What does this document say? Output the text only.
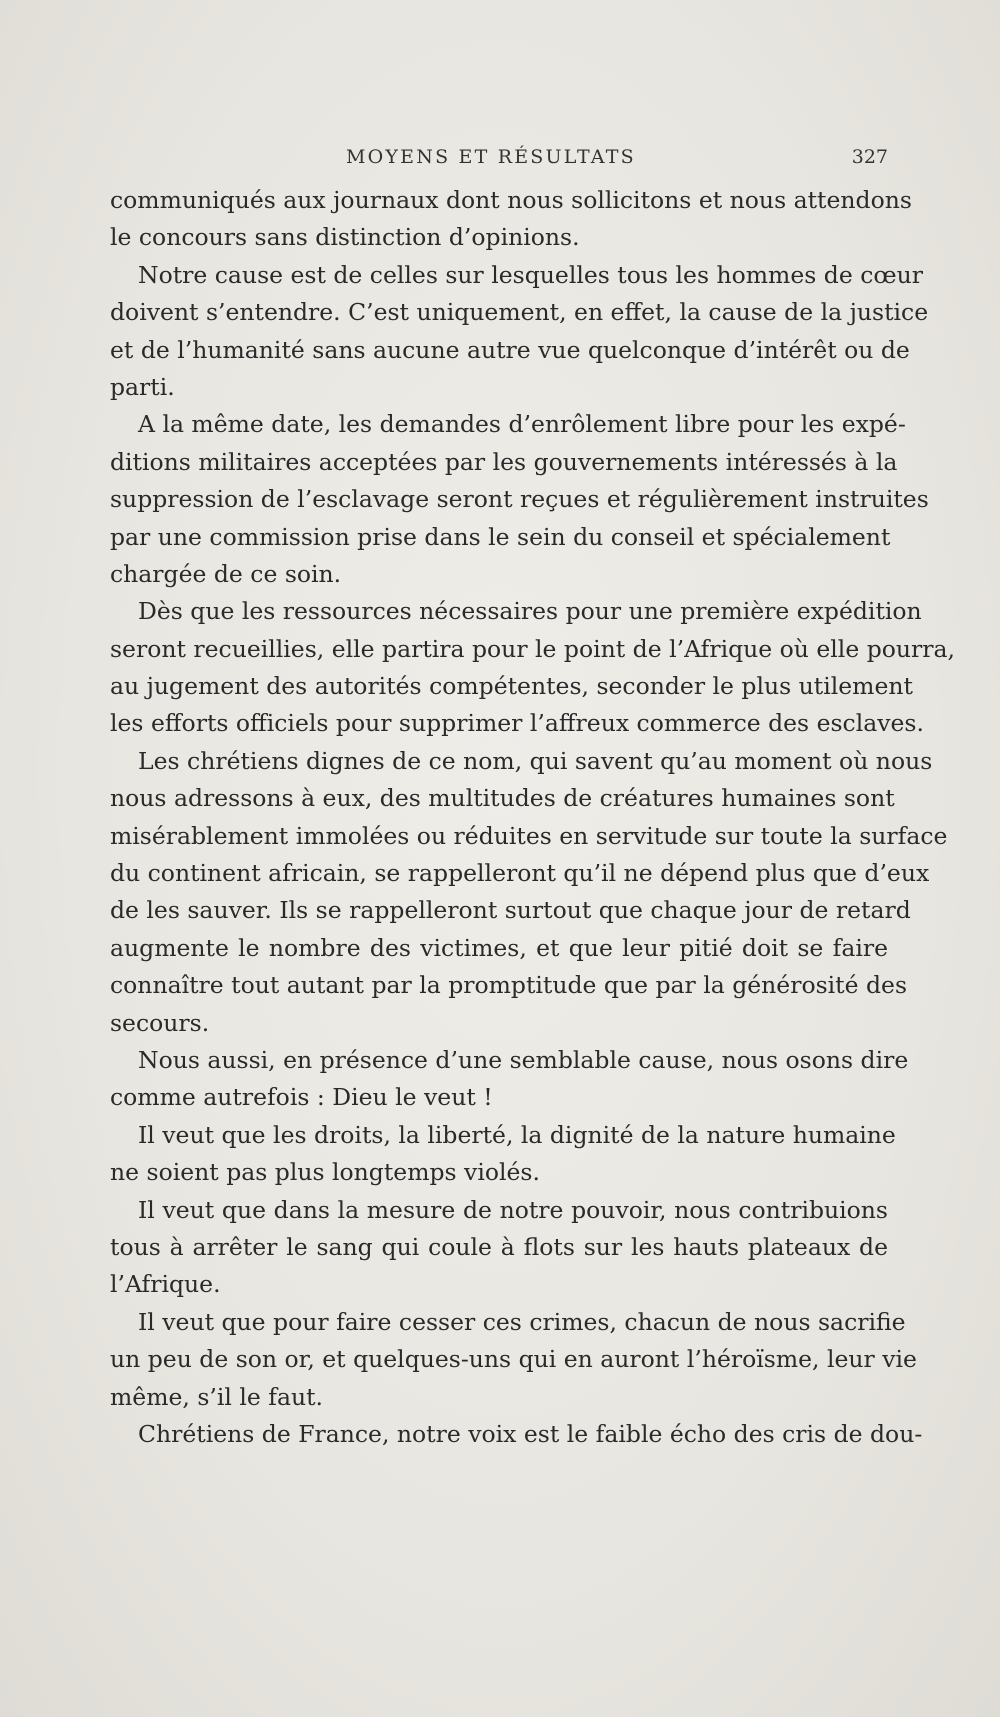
MOYENS ET RÉSULTATS	327
communiqués aux journaux dont nous sollicitons et nous attendons
le concours sans distinction d’opinions.
Notre cause est de celles sur lesquelles tous les hommes de cœur
doivent s’entendre. C’est uniquement, en effet, la cause de la justice
et de l’humanité sans aucune autre vue quelconque d’intérêt ou de
parti.
A la même date, les demandes d’enrôlement libre pour les expé-
ditions militaires acceptées par les gouvernements intéressés à la
suppression de l’esclavage seront reçues et régulièrement instruites
par une commission prise dans le sein du conseil et spécialement
chargée de ce soin.
Dès que les ressources nécessaires pour une première expédition
seront recueillies, elle partira pour le point de l’Afrique où elle pourra,
au jugement des autorités compétentes, seconder le plus utilement
les efforts officiels pour supprimer l’affreux commerce des esclaves.
Les chrétiens dignes de ce nom, qui savent qu’au moment où nous
nous adressons à eux, des multitudes de créatures humaines sont
misérablement immolées ou réduites en servitude sur toute la surface
du continent africain, se rappelleront qu’il ne dépend plus que d’eux
de les sauver. Ils se rappelleront surtout que chaque jour de retard
augmente le nombre des victimes, et que leur pitié doit se faire
connaître tout autant par la promptitude que par la générosité des
secours.
Nous aussi, en présence d’une semblable cause, nous osons dire
comme autrefois : Dieu le veut !
Il veut que les droits, la liberté, la dignité de la nature humaine
ne soient pas plus longtemps violés.
Il veut que dans la mesure de notre pouvoir, nous contribuions
tous à arrêter le sang qui coule à flots sur les hauts plateaux de
l’Afrique.
Il veut que pour faire cesser ces crimes, chacun de nous sacrifie
un peu de son or, et quelques-uns qui en auront l’héroïsme, leur vie
même, s’il le faut.
Chrétiens de France, notre voix est le faible écho des cris de dou-
